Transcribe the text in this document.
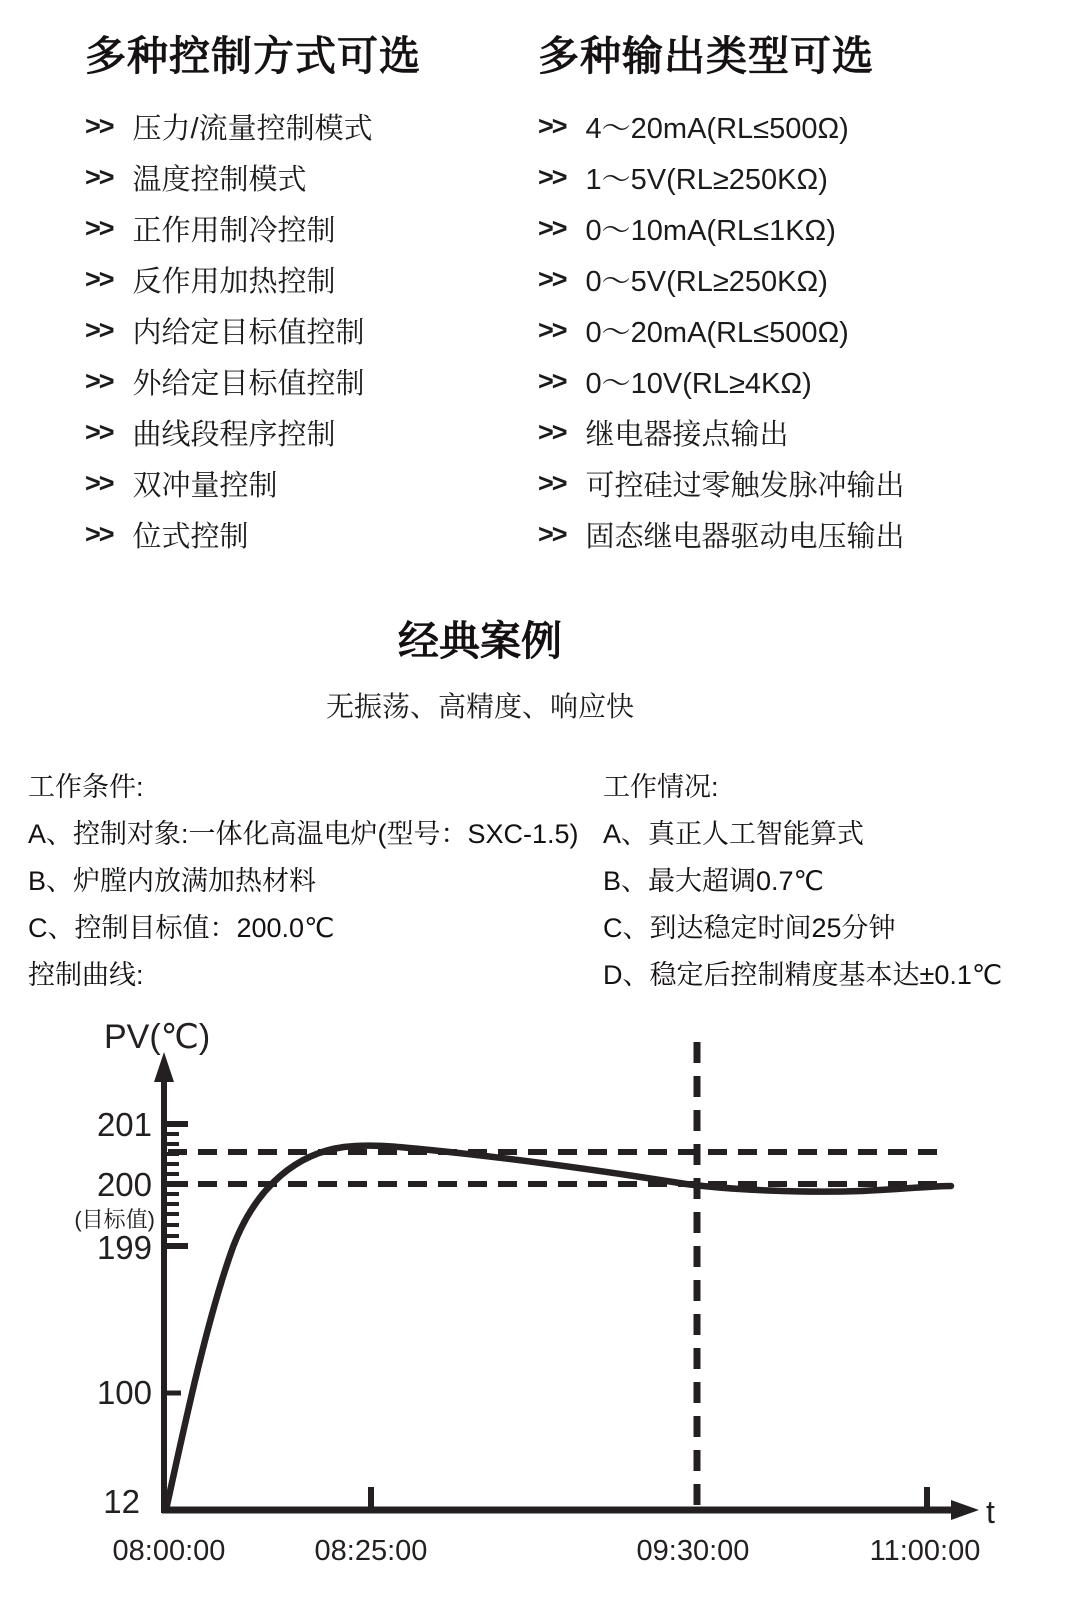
多种控制方式可选
>> 压力/流量控制模式
>> 温度控制模式
>> 正作用制冷控制
>> 反作用加热控制
>> 内给定目标值控制
>> 外给定目标值控制
>> 曲线段程序控制
>> 双冲量控制
>> 位式控制
多种输出类型可选
>> 4～20mA(RL≤500Ω)
>> 1～5V(RL≥250KΩ)
>> 0～10mA(RL≤1KΩ)
>> 0～5V(RL≥250KΩ)
>> 0～20mA(RL≤500Ω)
>> 0～10V(RL≥4KΩ)
>> 继电器接点输出
>> 可控硅过零触发脉冲输出
>> 固态继电器驱动电压输出
经典案例

无振荡、高精度、响应快

工作条件:
A、控制对象:一体化高温电炉(型号：SXC-1.5)
B、炉膛内放满加热材料
C、控制目标值：200.0℃
控制曲线:
工作情况:
A、真正人工智能算式
B、最大超调0.7℃
C、到达稳定时间25分钟
D、稳定后控制精度基本达±0.1℃
PV(℃)
t
201
200
(目标值)
199
100
12
08:00:00	08:25:00	09:30:00	11:00:00
